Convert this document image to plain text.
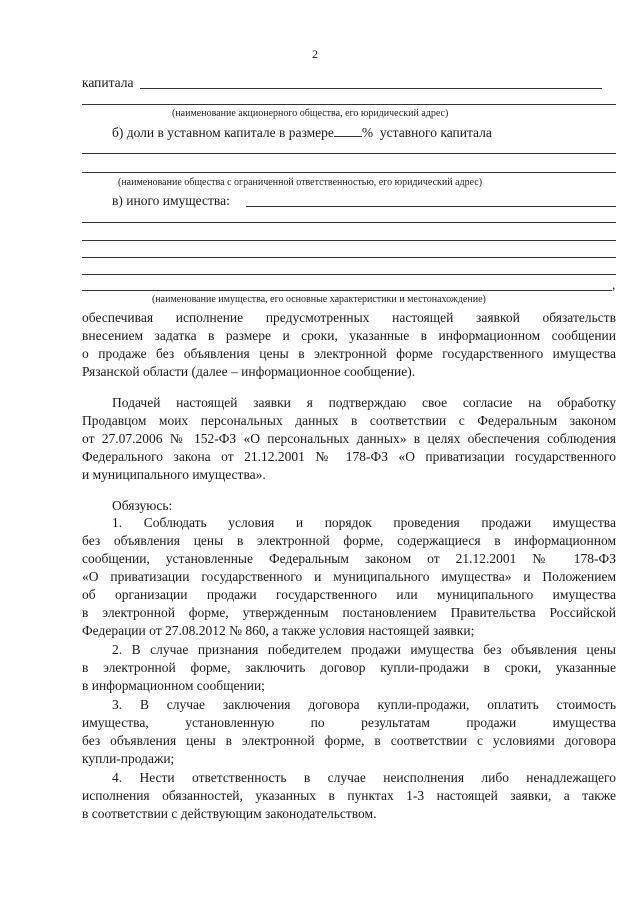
2
капитала
(наименование акционерного общества, его юридический адрес)
б) доли в уставном капитале в размере % уставного капитала
(наименование общества с ограниченной ответственностью, его юридический адрес)
в) иного имущества:
,
(наименование имущества, его основные характеристики и местонахождение)
обеспечивая исполнение предусмотренных настоящей заявкой обязательств
внесением задатка в размере и сроки, указанные в информационном сообщении
о продаже без объявления цены в электронной форме государственного имущества
Рязанской области (далее – информационное сообщение).
Подачей настоящей заявки я подтверждаю свое согласие на обработку
Продавцом моих персональных данных в соответствии с Федеральным законом
от 27.07.2006 № 152-ФЗ «О персональных данных» в целях обеспечения соблюдения
Федерального закона от 21.12.2001 № 178-ФЗ «О приватизации государственного
и муниципального имущества».
Обязуюсь:
1. Соблюдать условия и порядок проведения продажи имущества
без объявления цены в электронной форме, содержащиеся в информационном
сообщении, установленные Федеральным законом от 21.12.2001 № 178-ФЗ
«О приватизации государственного и муниципального имущества» и Положением
об организации продажи государственного или муниципального имущества
в электронной форме, утвержденным постановлением Правительства Российской
Федерации от 27.08.2012 № 860, а также условия настоящей заявки;
2. В случае признания победителем продажи имущества без объявления цены
в электронной форме, заключить договор купли-продажи в сроки, указанные
в информационном сообщении;
3. В случае заключения договора купли-продажи, оплатить стоимость
имущества, установленную по результатам продажи имущества
без объявления цены в электронной форме, в соответствии с условиями договора
купли-продажи;
4. Нести ответственность в случае неисполнения либо ненадлежащего
исполнения обязанностей, указанных в пунктах 1-3 настоящей заявки, а также
в соответствии с действующим законодательством.
